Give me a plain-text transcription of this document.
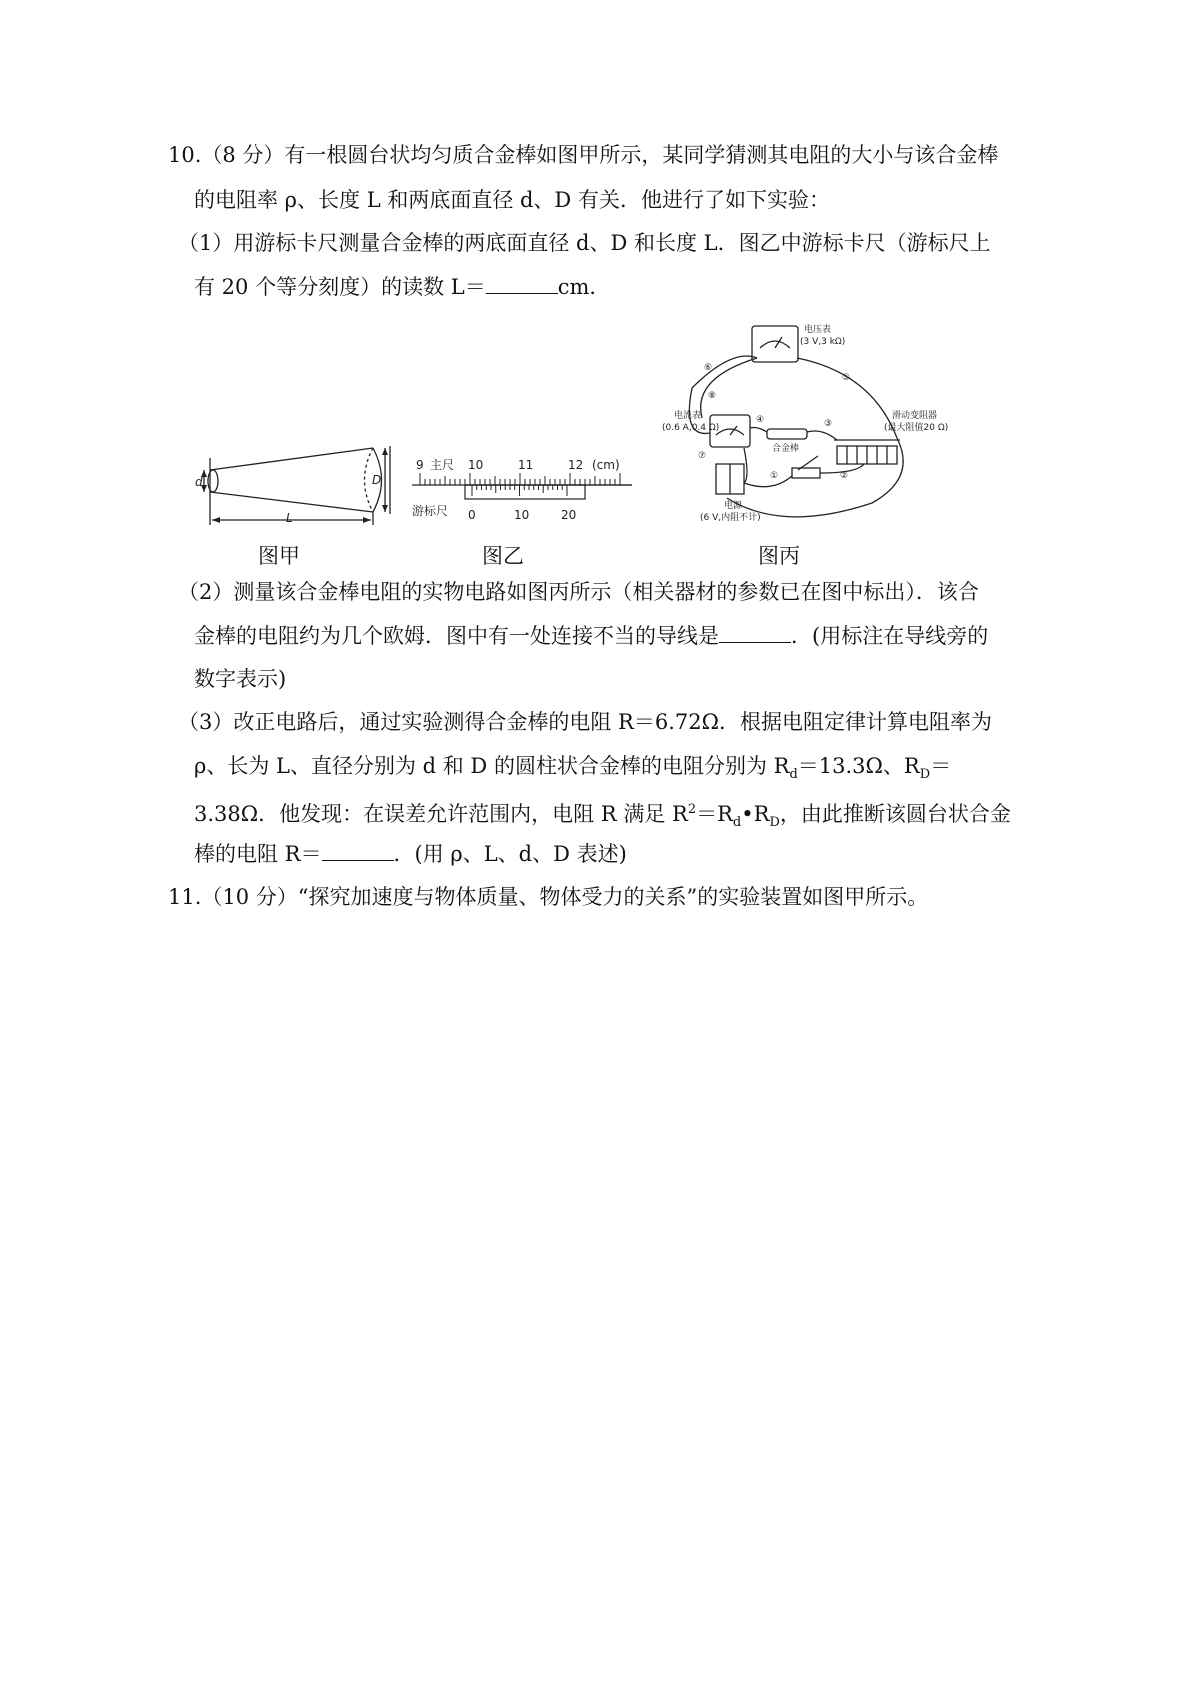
10.（8 分）有一根圆台状均匀质合金棒如图甲所示，某同学猜测其电阻的大小与该合金棒
的电阻率 ρ、长度 L 和两底面直径 d、D 有关．他进行了如下实验：
（1）用游标卡尺测量合金棒的两底面直径 d、D 和长度 L．图乙中游标卡尺（游标尺上
有 20 个等分刻度）的读数 L＝	cm．
d	D
L
图甲
9 主尺 10	11	12 (cm)
游标尺 0	10	20
图乙
电压表
(3 V,3 kΩ)
电流表
(0.6 A,0.4 Ω)
滑动变阻器
(最大阻值20 Ω)
合金棒
电源
(6 V,内阻不计)
①	②
③
④
⑤
⑥
⑦
⑧
图丙
（2）测量该合金棒电阻的实物电路如图丙所示（相关器材的参数已在图中标出）．该合
金棒的电阻约为几个欧姆．图中有一处连接不当的导线是	．(用标注在导线旁的
数字表示)
（3）改正电路后，通过实验测得合金棒的电阻 R＝6.72Ω．根据电阻定律计算电阻率为
ρ、长为 L、直径分别为 d 和 D 的圆柱状合金棒的电阻分别为 $R_d=13.3\Omega$、$R_D=$
3.38Ω．他发现：在误差允许范围内，电阻 R 满足 $R^2=R_d•R_D$，由此推断该圆台状合金
棒的电阻 R＝	．(用 ρ、L、d、D 表述)
11.（10 分）“探究加速度与物体质量、物体受力的关系”的实验装置如图甲所示。
